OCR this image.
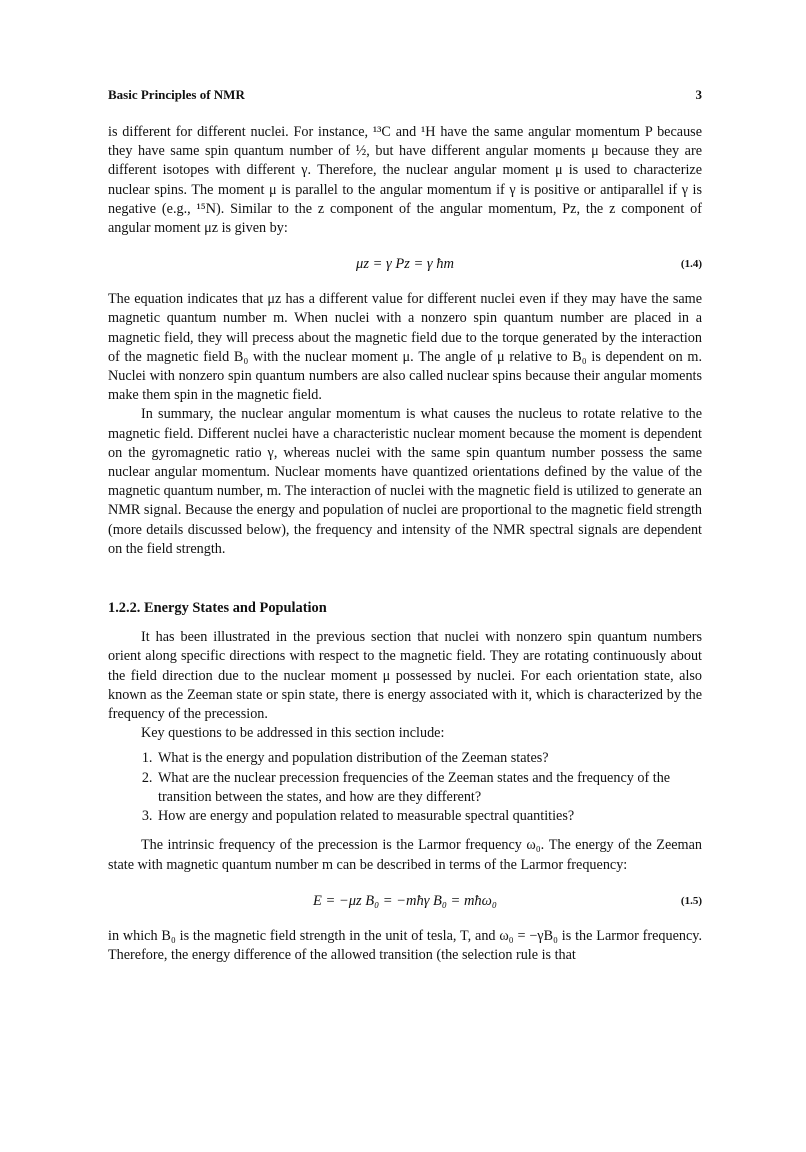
Basic Principles of NMR	3

is different for different nuclei. For instance, ¹³C and ¹H have the same angular momentum P because they have same spin quantum number of ½, but have different angular moments μ because they are different isotopes with different γ. Therefore, the nuclear angular moment μ is used to characterize nuclear spins. The moment μ is parallel to the angular momentum if γ is positive or antiparallel if γ is negative (e.g., ¹⁵N). Similar to the z component of the angular momentum, Pz, the z component of angular moment μz is given by:

μz = γ Pz = γ ħm	(1.4)

The equation indicates that μz has a different value for different nuclei even if they may have the same magnetic quantum number m. When nuclei with a nonzero spin quantum number are placed in a magnetic field, they will precess about the magnetic field due to the torque generated by the interaction of the magnetic field B₀ with the nuclear moment μ. The angle of μ relative to B₀ is dependent on m. Nuclei with nonzero spin quantum numbers are also called nuclear spins because their angular moments make them spin in the magnetic field.

In summary, the nuclear angular momentum is what causes the nucleus to rotate relative to the magnetic field. Different nuclei have a characteristic nuclear moment because the moment is dependent on the gyromagnetic ratio γ, whereas nuclei with the same spin quantum number possess the same nuclear angular momentum. Nuclear moments have quantized orientations defined by the value of the magnetic quantum number, m. The interaction of nuclei with the magnetic field is utilized to generate an NMR signal. Because the energy and population of nuclei are proportional to the magnetic field strength (more details discussed below), the frequency and intensity of the NMR spectral signals are dependent on the field strength.

1.2.2. Energy States and Population

It has been illustrated in the previous section that nuclei with nonzero spin quantum numbers orient along specific directions with respect to the magnetic field. They are rotating continuously about the field direction due to the nuclear moment μ possessed by nuclei. For each orientation state, also known as the Zeeman state or spin state, there is energy associated with it, which is characterized by the frequency of the precession.

Key questions to be addressed in this section include:

1. What is the energy and population distribution of the Zeeman states?
2. What are the nuclear precession frequencies of the Zeeman states and the frequency of the transition between the states, and how are they different?
3. How are energy and population related to measurable spectral quantities?

The intrinsic frequency of the precession is the Larmor frequency ω₀. The energy of the Zeeman state with magnetic quantum number m can be described in terms of the Larmor frequency:

E = −μz B₀ = −mħγ B₀ = mħω₀	(1.5)

in which B₀ is the magnetic field strength in the unit of tesla, T, and ω₀ = −γB₀ is the Larmor frequency. Therefore, the energy difference of the allowed transition (the selection rule is that
